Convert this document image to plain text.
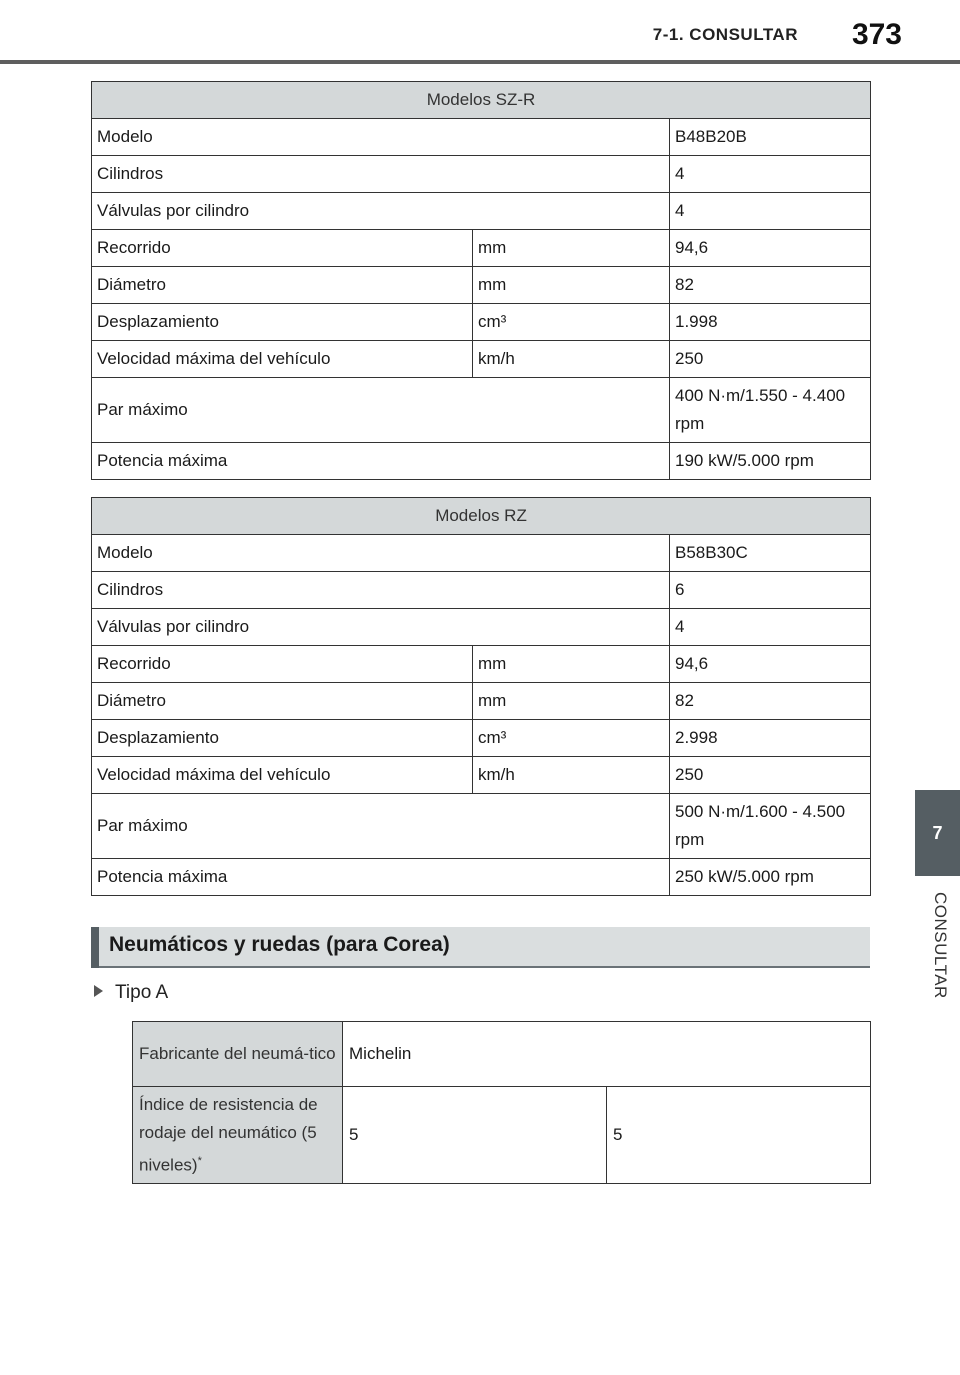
7-1. CONSULTAR 373
7
CONSULTAR
Modelos SZ-R		
Modelo		B48B20B
Cilindros		4
Válvulas por cilindro		4
Recorrido	mm	94,6
Diámetro	mm	82
Desplazamiento	cm³	1.998
Velocidad máxima del vehículo	km/h	250
Par máximo		400 N·m/1.550 - 4.400 rpm
Potencia máxima		190 kW/5.000 rpm
Modelos RZ		
Modelo		B58B30C
Cilindros		6
Válvulas por cilindro		4
Recorrido	mm	94,6
Diámetro	mm	82
Desplazamiento	cm³	2.998
Velocidad máxima del vehículo	km/h	250
Par máximo		500 N·m/1.600 - 4.500 rpm
Potencia máxima		250 kW/5.000 rpm
Neumáticos y ruedas (para Corea)
Tipo A
Fabricante del neumá-tico	Michelin	
Índice de resistencia de rodaje del neumático (5 niveles)*	5	5
